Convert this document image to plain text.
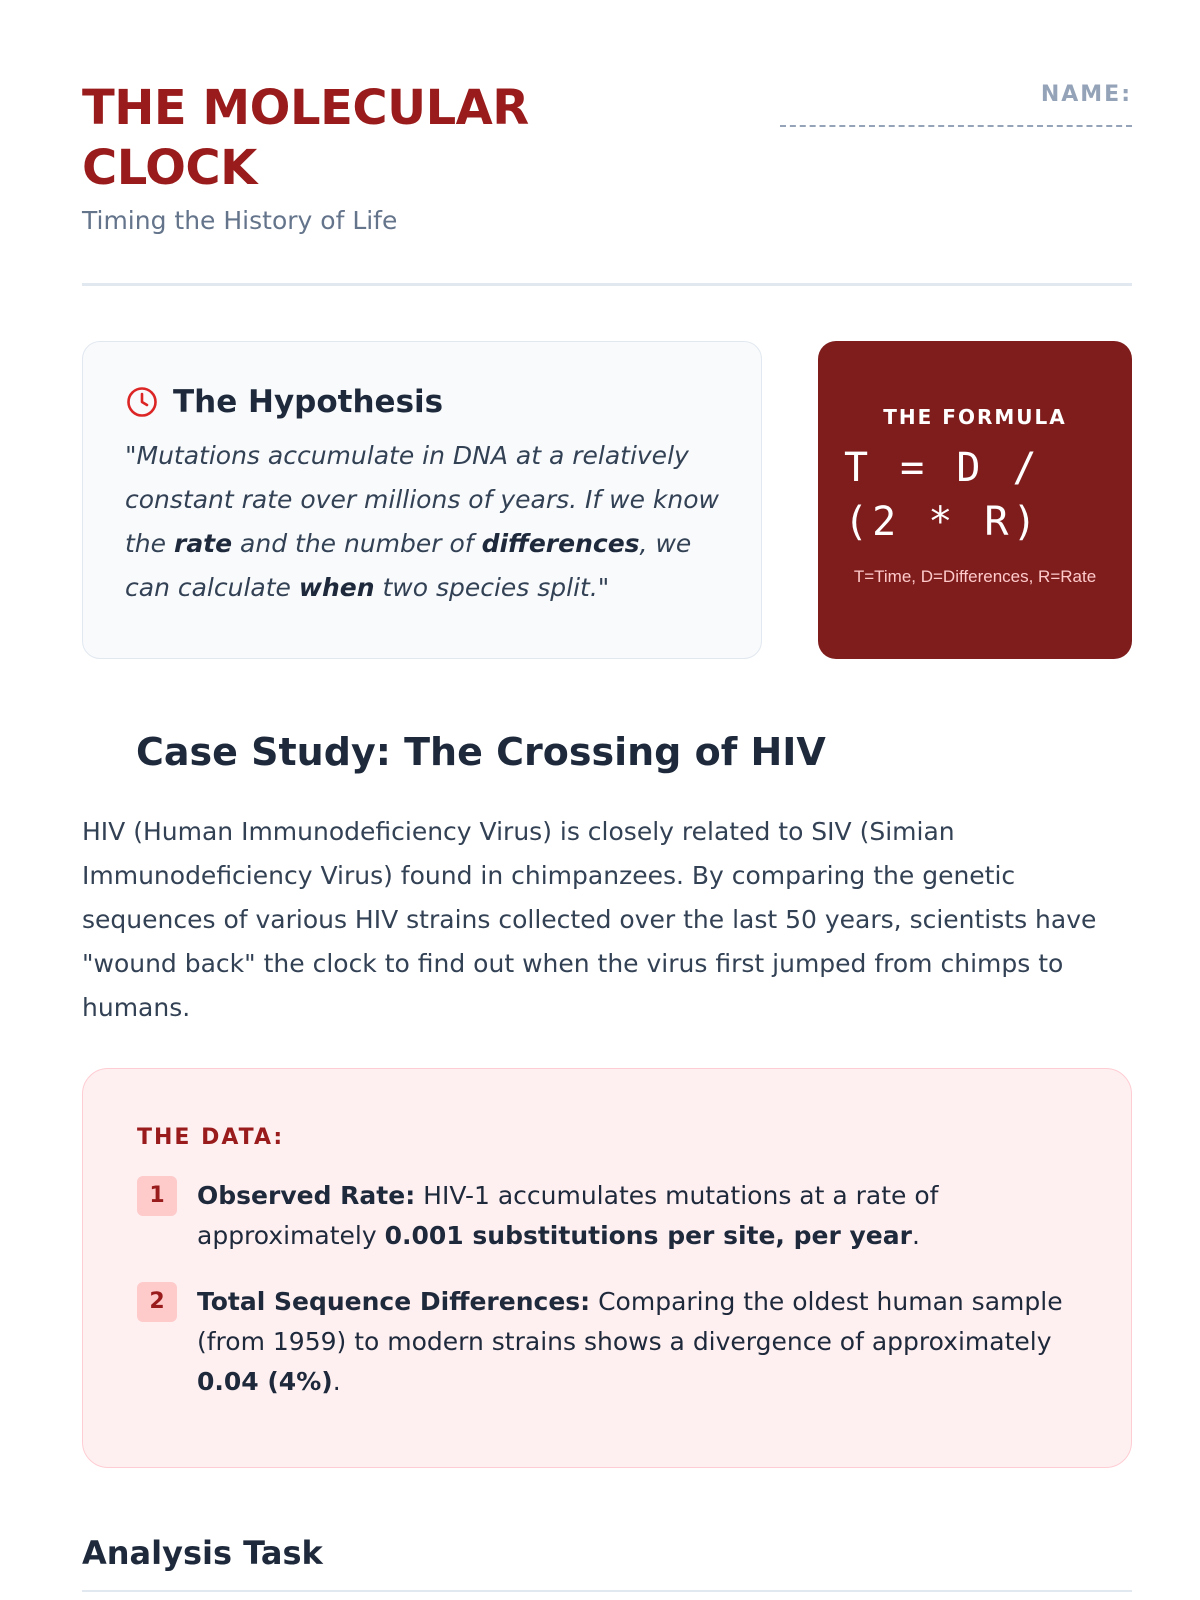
THE MOLECULAR CLOCK
Timing the History of Life
NAME:
The Hypothesis
"Mutations accumulate in DNA at a relatively constant rate over millions of years. If we know the rate and the number of differences, we can calculate when two species split."
THE FORMULA
T = D / (2 * R)
T=Time, D=Differences, R=Rate
Case Study: The Crossing of HIV
HIV (Human Immunodeficiency Virus) is closely related to SIV (Simian Immunodeficiency Virus) found in chimpanzees. By comparing the genetic sequences of various HIV strains collected over the last 50 years, scientists have "wound back" the clock to find out when the virus first jumped from chimps to humans.
THE DATA:
1	Observed Rate: HIV-1 accumulates mutations at a rate of approximately 0.001 substitutions per site, per year.
2	Total Sequence Differences: Comparing the oldest human sample (from 1959) to modern strains shows a divergence of approximately 0.04 (4%).
Analysis Task
